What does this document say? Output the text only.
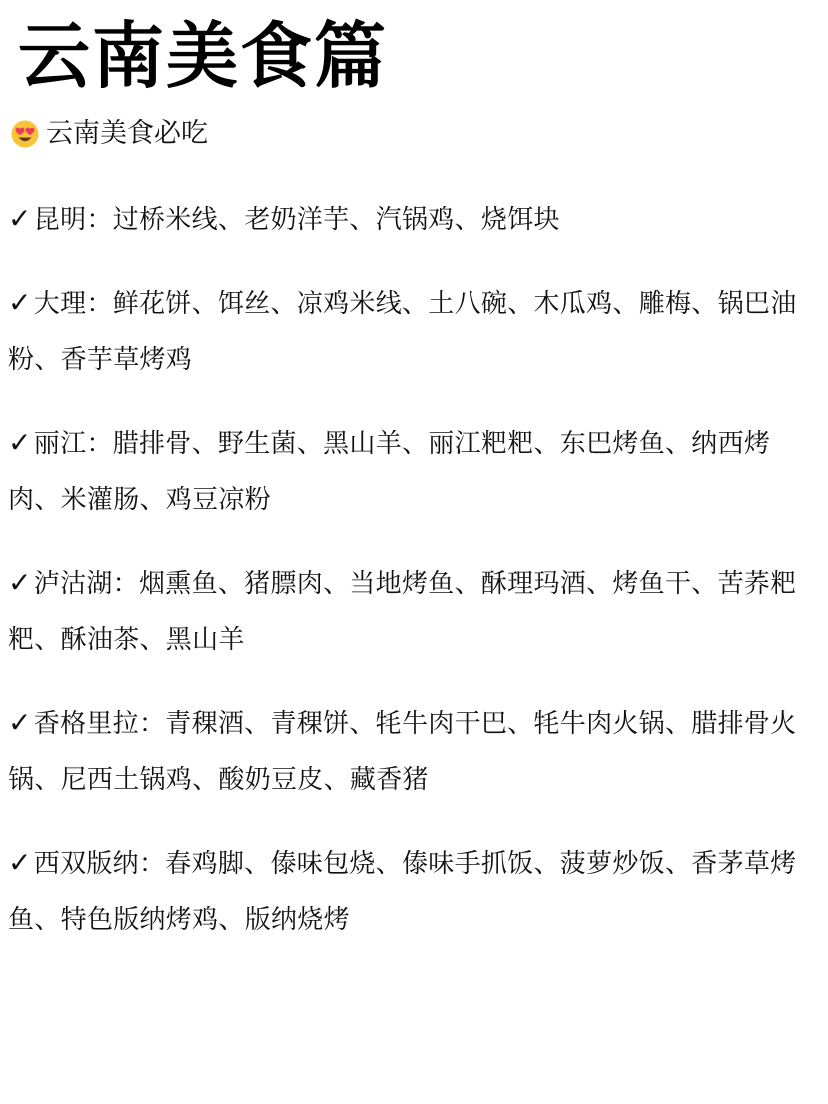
云南美食篇
云南美食必吃
✓昆明：过桥米线、老奶洋芋、汽锅鸡、烧饵块
✓大理：鲜花饼、饵丝、凉鸡米线、土八碗、木瓜鸡、雕梅、锅巴油粉、香芋草烤鸡
✓丽江：腊排骨、野生菌、黑山羊、丽江粑粑、东巴烤鱼、纳西烤肉、米灌肠、鸡豆凉粉
✓泸沽湖：烟熏鱼、猪膘肉、当地烤鱼、酥理玛酒、烤鱼干、苦荞粑粑、酥油茶、黑山羊
✓香格里拉：青稞酒、青稞饼、牦牛肉干巴、牦牛肉火锅、腊排骨火锅、尼西土锅鸡、酸奶豆皮、藏香猪
✓西双版纳：春鸡脚、傣味包烧、傣味手抓饭、菠萝炒饭、香茅草烤鱼、特色版纳烤鸡、版纳烧烤
